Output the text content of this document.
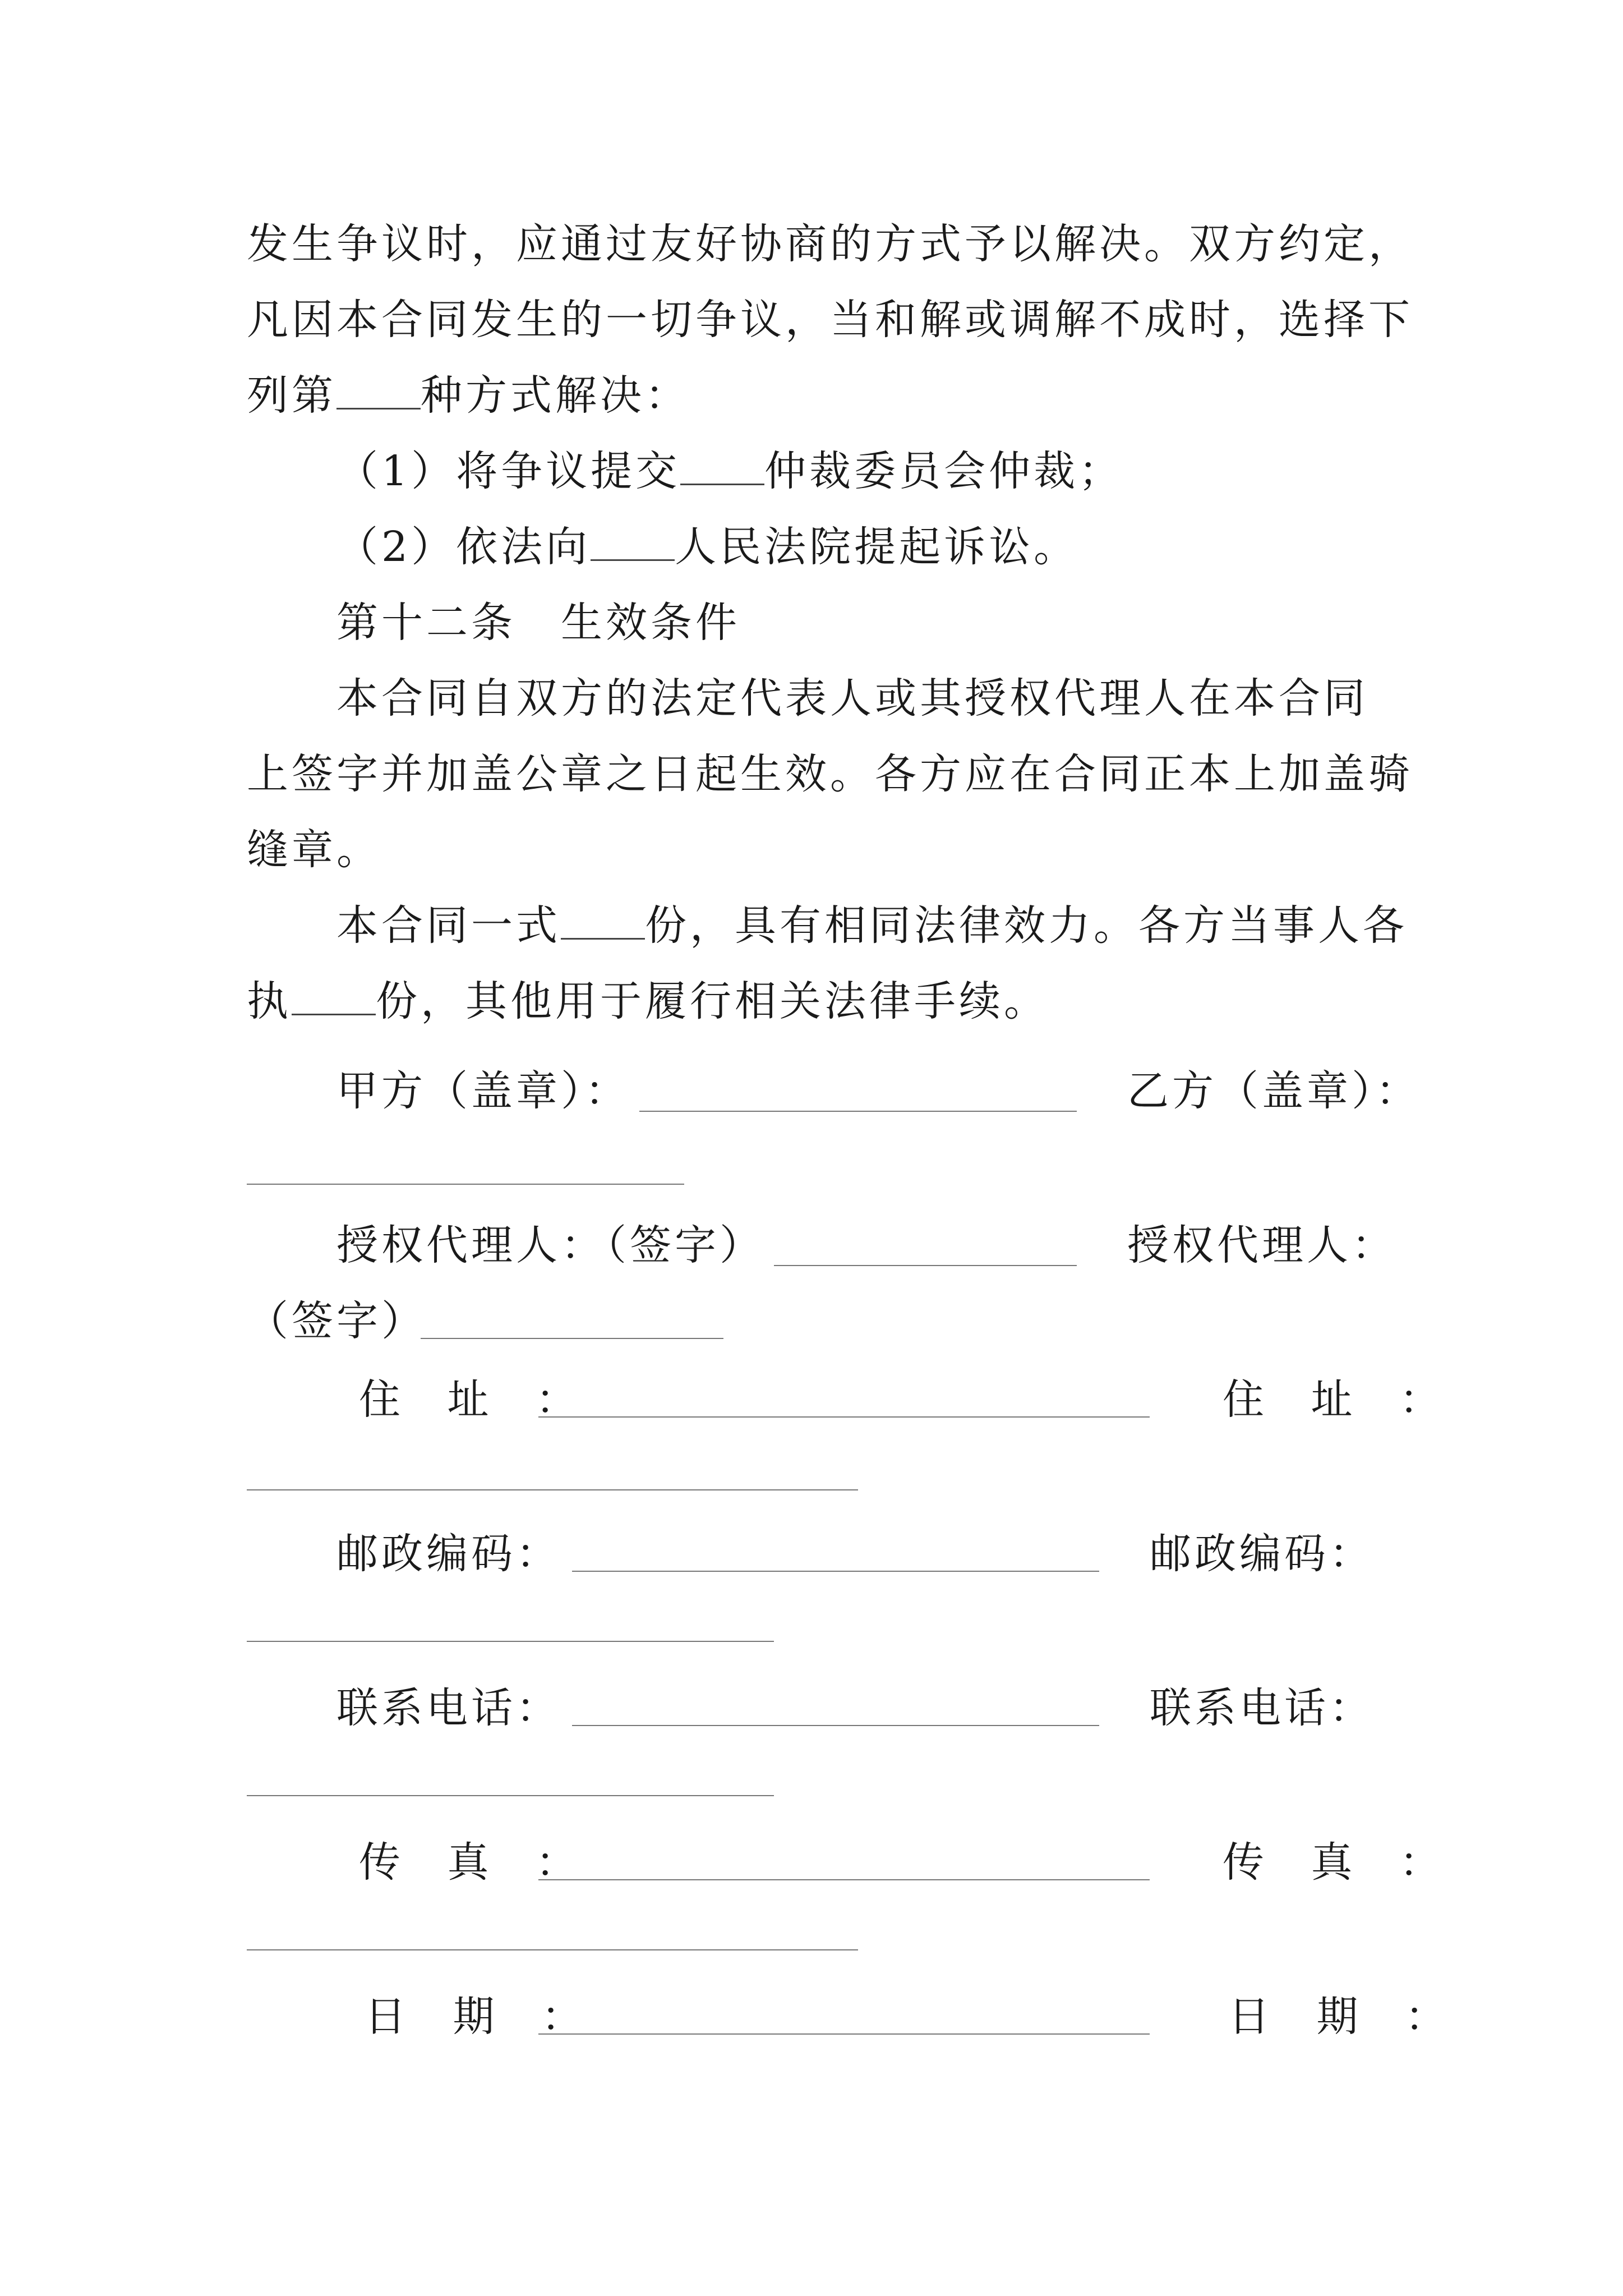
发生争议时，应通过友好协商的方式予以解决。双方约定，
凡因本合同发生的一切争议，当和解或调解不成时，选择下
列第 种方式解决：
（1）将争议提交 仲裁委员会仲裁；
（2）依法向 人民法院提起诉讼。
第十二条　生效条件
本合同自双方的法定代表人或其授权代理人在本合同
上签字并加盖公章之日起生效。各方应在合同正本上加盖骑
缝章。
本合同一式 份，具有相同法律效力。各方当事人各
执 份，其他用于履行相关法律手续。
甲方（盖章）：	乙方（盖章）：
授权代理人：（签字）	授权代理人：
（签字）
住 址 ：	住 址 ：
邮政编码：	邮政编码：
联系电话：	联系电话：
传 真 ：	传 真 ：
日 期 ：	日 期 ：
